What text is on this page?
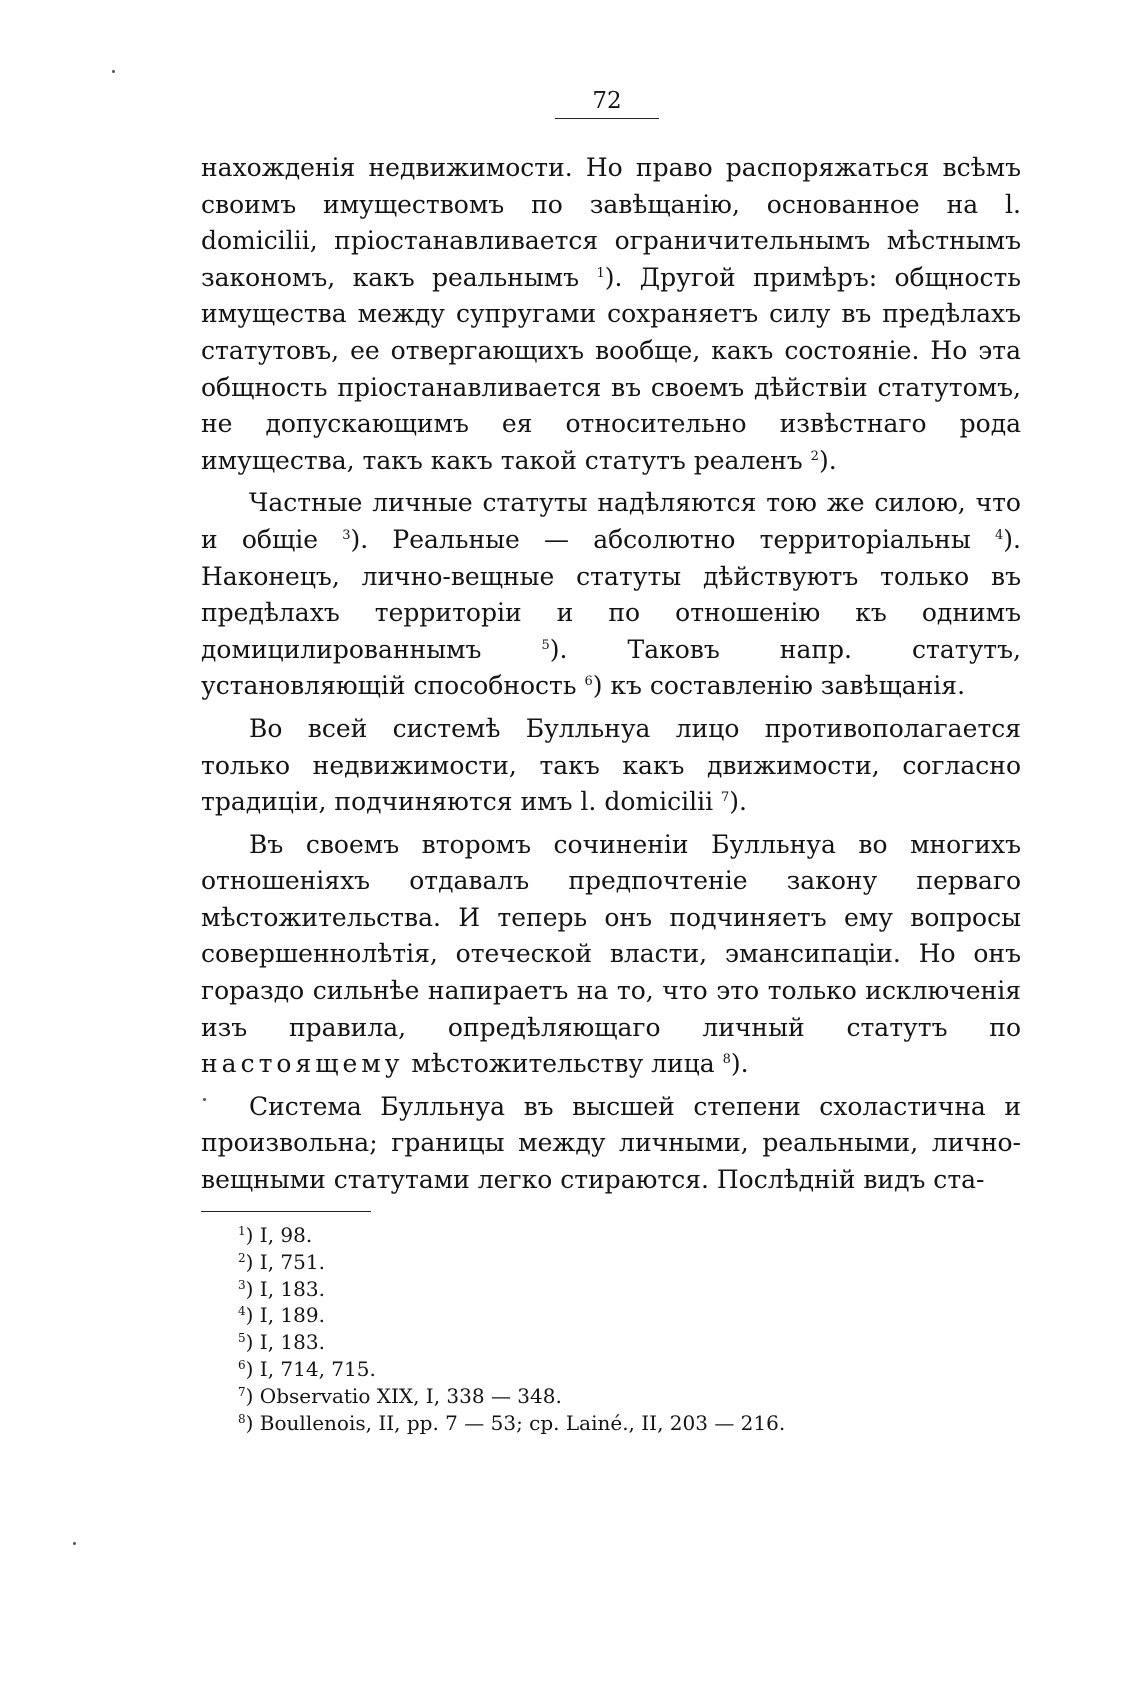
72

нахожденія недвижимости. Но право распоряжаться всѣмъ своимъ имуществомъ по завѣщанію, основанное на l. domicilii, пріостанавливается ограничительнымъ мѣстнымъ закономъ, какъ реальнымъ $^1$). Другой примѣръ: общность имущества между супругами сохраняетъ силу въ предѣлахъ статутовъ, ее отвергающихъ вообще, какъ состояніе. Но эта общность пріостанавливается въ своемъ дѣйствіи статутомъ, не допускающимъ ея относительно извѣстнаго рода имущества, такъ какъ такой статутъ реаленъ $^2$).

Частные личные статуты надѣляются тою же силою, что и общіе $^3$). Реальные — абсолютно территоріальны $^4$). Наконецъ, лично-вещные статуты дѣйствуютъ только въ предѣлахъ территоріи и по отношенію къ однимъ домицилированнымъ	$^5$). Таковъ напр. статутъ, установляющій способность $^6$) къ составленію завѣщанія.

Во всей системѣ Булльнуа лицо противополагается только недвижимости, такъ какъ движимости, согласно традиціи, подчиняются имъ l. domicilii $^7$).

Въ своемъ второмъ сочиненіи Булльнуа во многихъ отношеніяхъ отдавалъ предпочтеніе закону перваго мѣстожительства. И теперь онъ подчиняетъ ему вопросы совершеннолѣтія, отеческой власти, эмансипаціи. Но онъ гораздо сильнѣе напираетъ на то, что это только исключенія изъ правила, опредѣляющаго личный статутъ по настоящему мѣстожительству лица $^8$).

Система Булльнуа въ высшей степени схоластична и произвольна; границы между личными, реальными, лично-вещными статутами легко стираются. Послѣдній видъ ста-

$^1$) I, 98.
$^2$) I, 751.
$^3$) I, 183.
$^4$) I, 189.
$^5$) I, 183.
$^6$) I, 714, 715.
$^7$) Observatio XIX, I, 338 — 348.
$^8$) Boullenois, II, pp. 7 — 53; cp. Lainé., II, 203 — 216.
